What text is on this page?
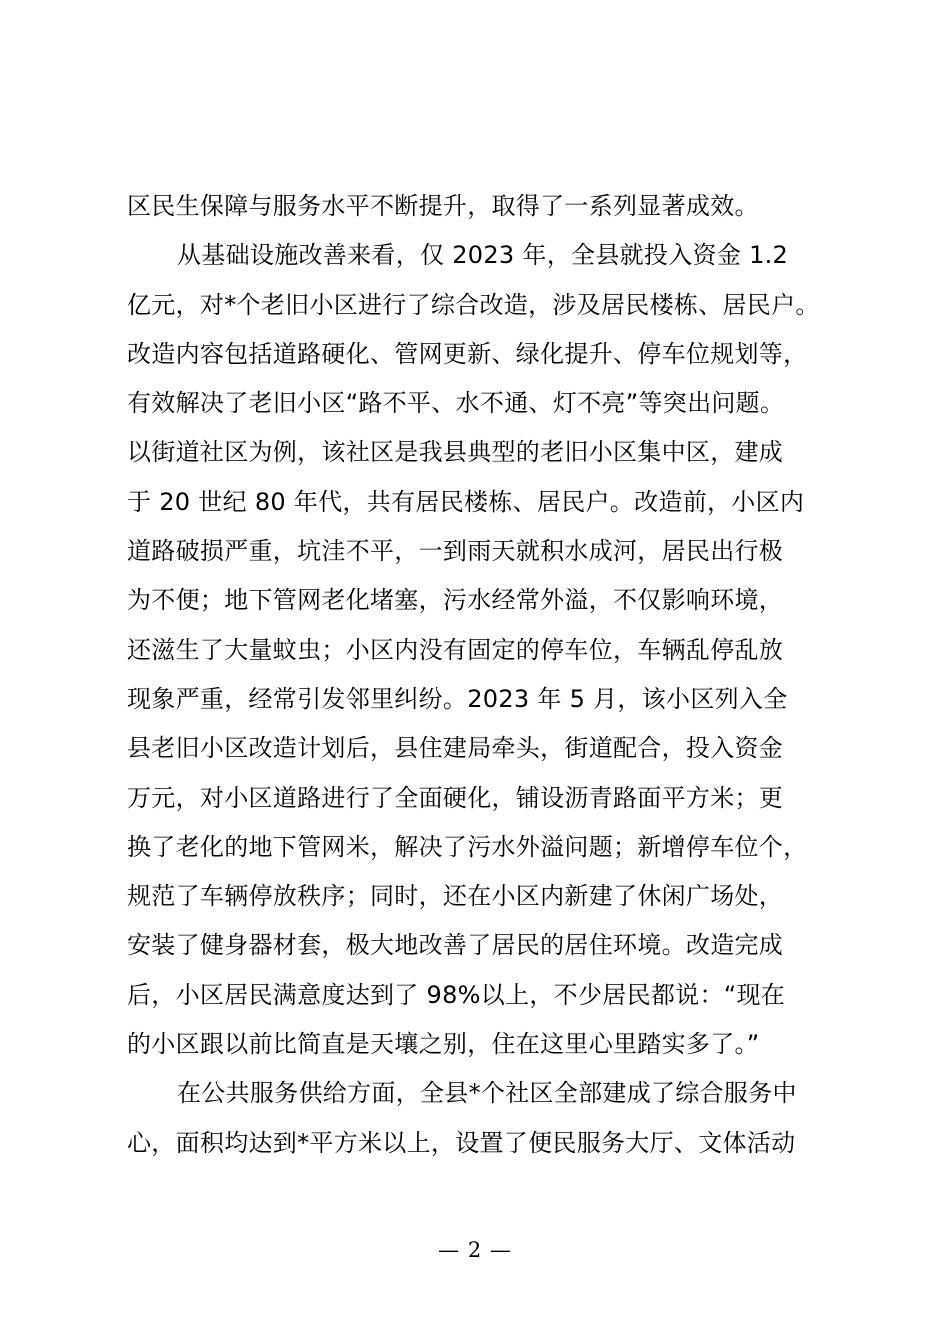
区民生保障与服务水平不断提升，取得了一系列显著成效。
从基础设施改善来看，仅 2023 年，全县就投入资金 1.2
亿元，对*个老旧小区进行了综合改造，涉及居民楼栋、居民户。
改造内容包括道路硬化、管网更新、绿化提升、停车位规划等，
有效解决了老旧小区“路不平、水不通、灯不亮”等突出问题。
以街道社区为例，该社区是我县典型的老旧小区集中区，建成
于 20 世纪 80 年代，共有居民楼栋、居民户。改造前，小区内
道路破损严重，坑洼不平，一到雨天就积水成河，居民出行极
为不便；地下管网老化堵塞，污水经常外溢，不仅影响环境，
还滋生了大量蚊虫；小区内没有固定的停车位，车辆乱停乱放
现象严重，经常引发邻里纠纷。2023 年 5 月，该小区列入全
县老旧小区改造计划后，县住建局牵头，街道配合，投入资金
万元，对小区道路进行了全面硬化，铺设沥青路面平方米；更
换了老化的地下管网米，解决了污水外溢问题；新增停车位个，
规范了车辆停放秩序；同时，还在小区内新建了休闲广场处，
安装了健身器材套，极大地改善了居民的居住环境。改造完成
后，小区居民满意度达到了 98%以上，不少居民都说：“现在
的小区跟以前比简直是天壤之别，住在这里心里踏实多了。”
在公共服务供给方面，全县*个社区全部建成了综合服务中
心，面积均达到*平方米以上，设置了便民服务大厅、文体活动
— 2 —
